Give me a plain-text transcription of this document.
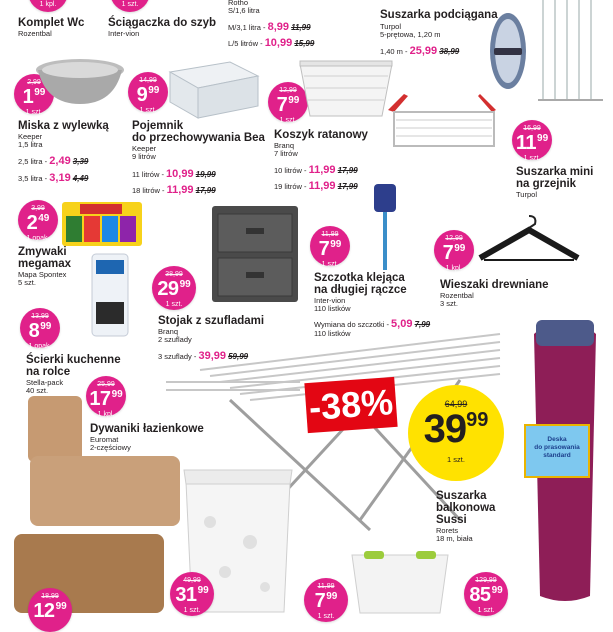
1 kpl.
Komplet Wc
Rozentbal
1 szt.
Ściągaczka do szyb
Inter-vion
Rotho
S/1,6 litra
M/3,1 litra - 8,99 11,99
L/5 litrów - 10,99 15,99
Suszarka podciągana
Turpol
5-prętowa, 1,20 m
1,40 m - 25,99 38,99
2,99
199
1 szt.
Miska z wylewką
Keeper
1,5 litra
2,5 litra - 2,49 3,39
3,5 litra - 3,19 4,49
14,99
999
1 szt.
Pojemnik
do przechowywania Bea
Keeper
9 litrów
11 litrów - 10,99 19,99
18 litrów - 11,99 17,99
12,99
799
1 szt.
Koszyk ratanowy
Branq
7 litrów
10 litrów - 11,99 17,99
19 litrów - 11,99 17,99
16,99
1199
1 szt.
Suszarka mini
na grzejnik
Turpol
3,99
249
1 opak.
Zmywaki
megamax
Mapa Spontex
5 szt.
38,99
2999
1 szt.
Stojak z szufladami
Branq
2 szuflady
3 szuflady - 39,99 59,99
11,99
799
1 szt.
Szczotka klejąca
na długiej rączce
Inter-vion
110 listków
Wymiana do szczotki - 5,09 7,99
110 listków
12,99
799
1 kpl.
Wieszaki drewniane
Rozentbal
3 szt.
13,99
899
1 opak.
Ścierki kuchenne
na rolce
Stella-pack
40 szt.
25,99
1799
1 kpl.
Dywaniki łazienkowe
Euromat
2-częściowy
-38%	64,99
3999
1 szt.
Suszarka
balkonowa
Sussi
Rorets
18 m, biała
Deska
do prasowania
standard
18,99
1299
49,99
3199
1 szt.
11,99
799
1 szt.
129,99
8599
1 szt.
